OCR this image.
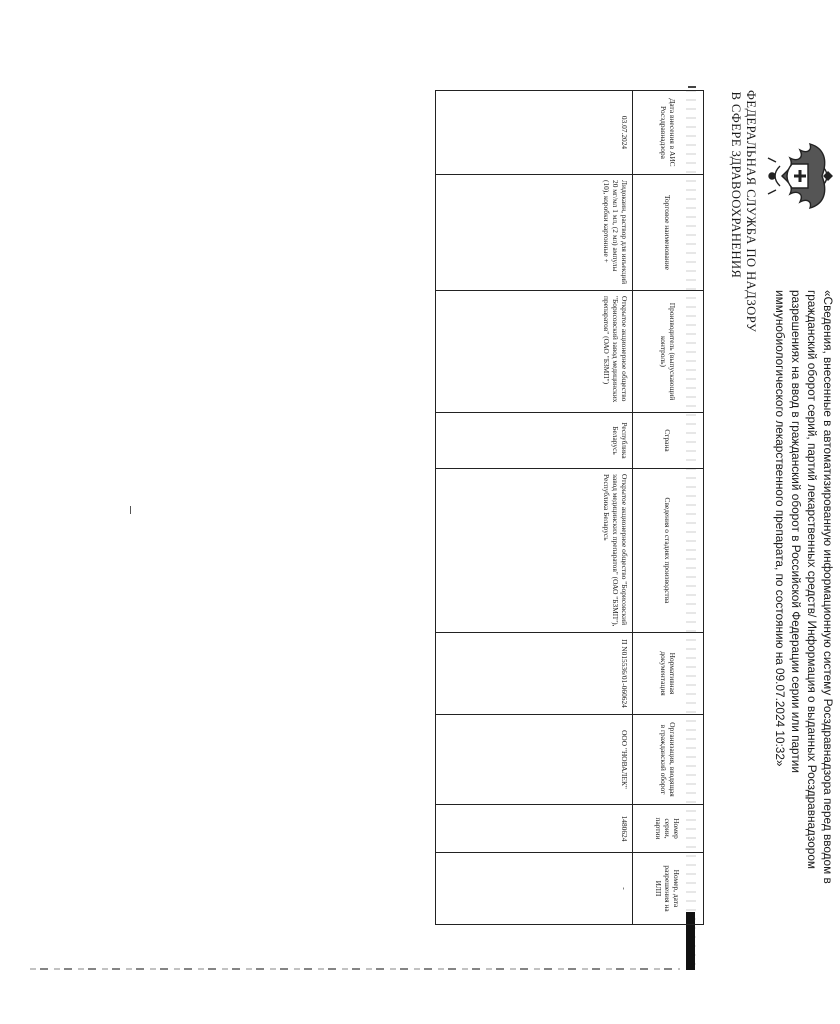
ФЕДЕРАЛЬНАЯ СЛУЖБА ПО НАДЗОРУ
В СФЕРЕ ЗДРАВООХРАНЕНИЯ
«Сведения, внесенные в автоматизированную информационную систему Росздравнадзора перед вводом в гражданский оборот серий, партий лекарственных средств/ Информация о выданных Росздравнадзором разрешениях на ввод в гражданский оборот в Российской Федерации серии или партии иммунобиологического лекарственного препарата, по состоянию на 09.07.2024 10:32»
Дата внесения в АИС Росздравнадзора	Торговое наименование	Производитель (выпускающий контроль)	Страна	Сведения о стадиях производства	Нормативная документация	Организация, вводящая в гражданский оборот	Номер серии, партии	Номер, дата разрешения на ИЛП
03.07.2024	Лидокаин, раствор для инъекций 20 мг/мл 1 мл, (2 мл) ампулы (10), коробки картонные +	Открытое акционерное общество "Борисовский завод медицинских препаратов" (ОАО "БЗМП")	Республика Беларусь	Открытое акционерное общество "Борисовский завод медицинских препаратов" (ОАО "БЗМП"), Республика Беларусь	П N015536/01-060624	ООО "НОВАЛЕК"	1480624	-
